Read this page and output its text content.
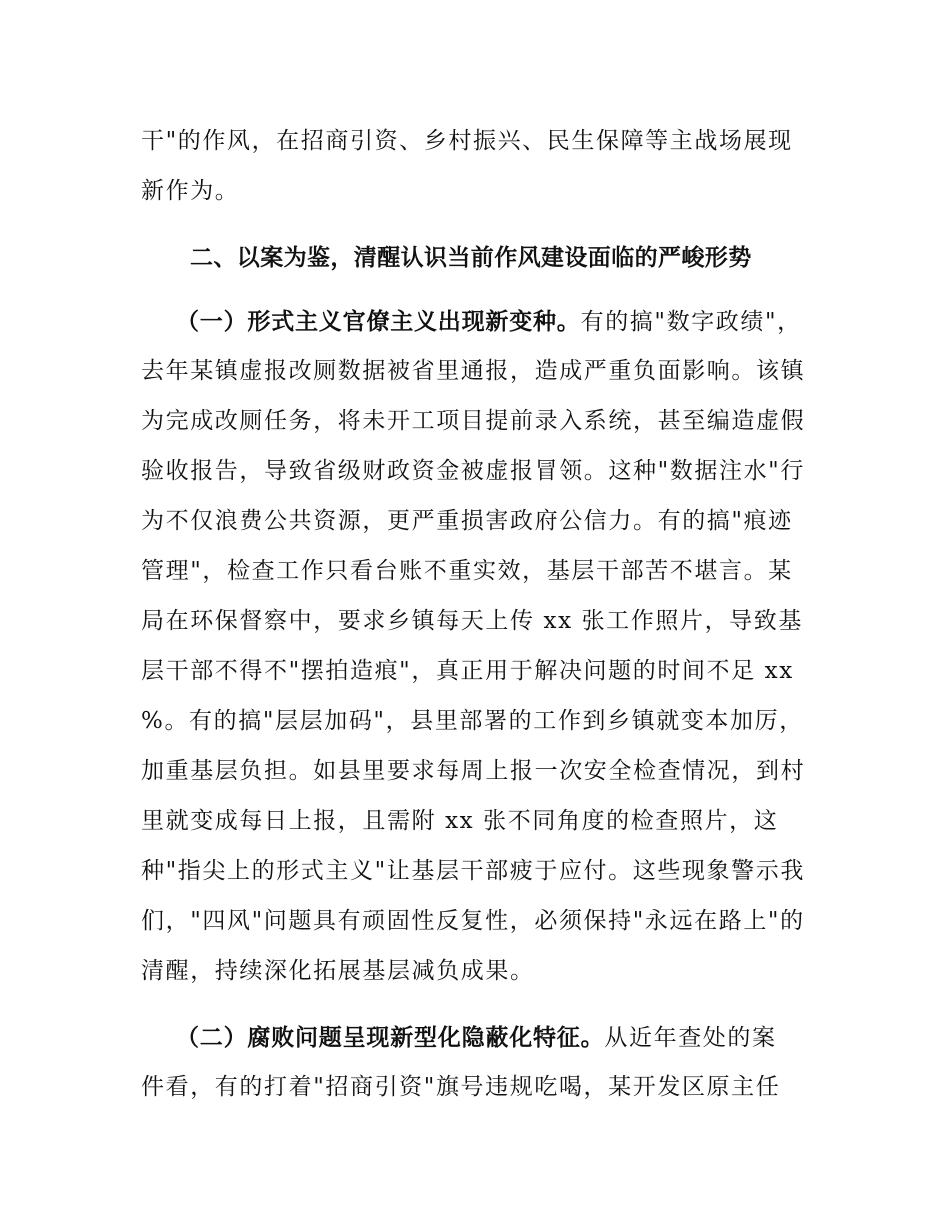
干"的作风，在招商引资、乡村振兴、民生保障等主战场展现
新作为。
二、以案为鉴，清醒认识当前作风建设面临的严峻形势
（一）形式主义官僚主义出现新变种。有的搞"数字政绩"，
去年某镇虚报改厕数据被省里通报，造成严重负面影响。该镇
为完成改厕任务，将未开工项目提前录入系统，甚至编造虚假
验收报告，导致省级财政资金被虚报冒领。这种"数据注水"行
为不仅浪费公共资源，更严重损害政府公信力。有的搞"痕迹
管理"，检查工作只看台账不重实效，基层干部苦不堪言。某
局在环保督察中，要求乡镇每天上传 xx 张工作照片，导致基
层干部不得不"摆拍造痕"，真正用于解决问题的时间不足 xx
%。有的搞"层层加码"，县里部署的工作到乡镇就变本加厉，
加重基层负担。如县里要求每周上报一次安全检查情况，到村
里就变成每日上报，且需附 xx 张不同角度的检查照片，这
种"指尖上的形式主义"让基层干部疲于应付。这些现象警示我
们，"四风"问题具有顽固性反复性，必须保持"永远在路上"的
清醒，持续深化拓展基层减负成果。
（二）腐败问题呈现新型化隐蔽化特征。从近年查处的案
件看，有的打着"招商引资"旗号违规吃喝，某开发区原主任
